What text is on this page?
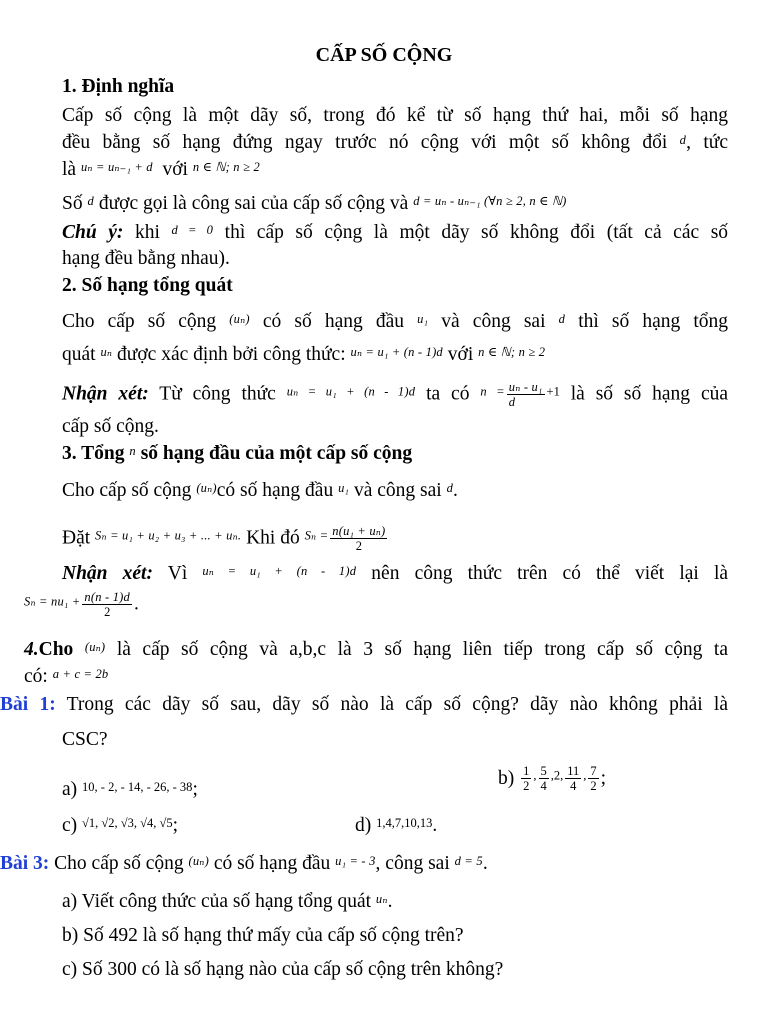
CẤP SỐ CỘNG
1. Định nghĩa
Cấp số cộng là một dãy số, trong đó kể từ số hạng thứ hai, mỗi số hạng
đều bằng số hạng đứng ngay trước nó cộng với một số không đổi $^d$, tức
là $^{u_n = u_{n-1} + d}$ với $^{n \in ℕ; n \ge 2}$
Số $^d$ được gọi là công sai của cấp số cộng và $^{d = u_n - u_{n-1} (\forall n \ge 2, n \in ℕ)}$
Chú ý: khi $^{d = 0}$ thì cấp số cộng là một dãy số không đổi (tất cả các số
hạng đều bằng nhau).
2. Số hạng tổng quát
Cho cấp số cộng $^{(u_n)}$ có số hạng đầu $^{u_1}$ và công sai $^d$ thì số hạng tổng
quát $^{u_n}$ được xác định bởi công thức: $^{u_n = u_1 + (n - 1)d}$ với $^{n \in ℕ; n \ge 2}$
Nhận xét: Từ công thức $^{u_n = u_1 + (n - 1)d}$ ta có $^{n =} \frac{\text{uₙ - u₁}}{d} ^{+1}$ là số số hạng của
cấp số cộng.
3. Tổng $^n$ số hạng đầu của một cấp số cộng
Cho cấp số cộng $^{(u_n)}$có số hạng đầu $^{u_1}$ và công sai $^d$.
Đặt $^{S_n = u_1 + u_2 + u_3 + ... + u_n.}$ Khi đó $^{S_n =} \frac{\text{n(u₁ + uₙ)}}{2}$
Nhận xét: Vì $^{u_n = u_1 + (n - 1)d}$ nên công thức trên có thể viết lại là
$^{S_n = nu_1 +} \frac{n(n - 1)d}{2}$ .
4.Cho $^{(u_n)}$ là cấp số cộng và a,b,c là 3 số hạng liên tiếp trong cấp số cộng ta
có: $^{a + c = 2b}$
Bài 1: Trong các dãy số sau, dãy số nào là cấp số cộng? dãy nào không phải là
CSC?
a) $^{10, - 2, - 14, - 26, - 38}$;
$b) \frac{1}{2} ^, \frac{5}{4} ^{,2,} \frac{11}{4} ^, \frac{7}{2}$ ;
c) $^{√1, √2, √3, √4, √5}$;	d) $^{1,4,7,10,13}$.
Bài 3: Cho cấp số cộng $^{(u_n)}$ có số hạng đầu $^{u_1 = - 3}$, công sai $^{d = 5}$.
a) Viết công thức của số hạng tổng quát $^{u_n}$.
b) Số 492 là số hạng thứ mấy của cấp số cộng trên?
c) Số 300 có là số hạng nào của cấp số cộng trên không?
